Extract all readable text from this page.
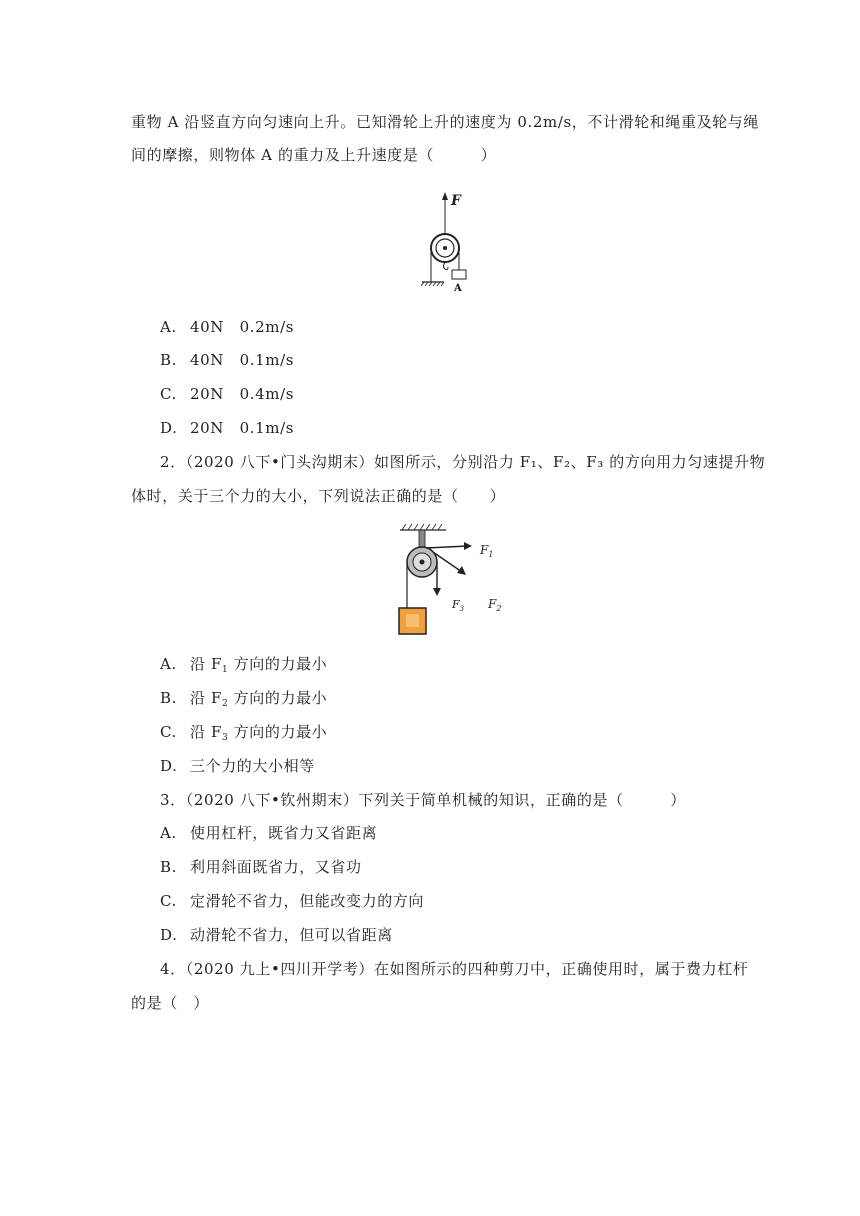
重物 A 沿竖直方向匀速向上升。已知滑轮上升的速度为 0.2m/s，不计滑轮和绳重及轮与绳
间的摩擦，则物体 A 的重力及上升速度是（　　　）
F
A
A. 40N　0.2m/s
B. 40N　0.1m/s
C. 20N　0.4m/s
D. 20N　0.1m/s
2．（2020 八下•门头沟期末）如图所示，分别沿力 F₁、F₂、F₃ 的方向用力匀速提升物
体时，关于三个力的大小，下列说法正确的是（　　）
$F_1$
$F_2$
$F_3$
A. 沿 $F_1$ 方向的力最小
B. 沿 $F_2$ 方向的力最小
C. 沿 $F_3$ 方向的力最小
D. 三个力的大小相等
3．（2020 八下•钦州期末）下列关于简单机械的知识，正确的是（　　　）
A. 使用杠杆，既省力又省距离
B. 利用斜面既省力，又省功
C. 定滑轮不省力，但能改变力的方向
D. 动滑轮不省力，但可以省距离
4．（2020 九上•四川开学考）在如图所示的四种剪刀中，正确使用时，属于费力杠杆
的是（　）
